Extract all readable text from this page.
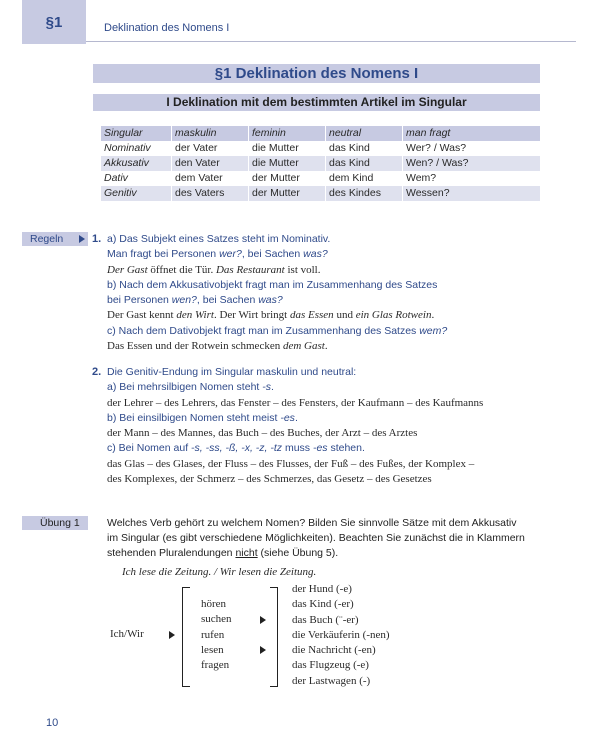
§1	Deklination des Nomens I
§1 Deklination des Nomens I
I Deklination mit dem bestimmten Artikel im Singular
Singular	maskulin	feminin	neutral	man fragt
Nominativ	der Vater	die Mutter	das Kind	Wer? / Was?
Akkusativ	den Vater	die Mutter	das Kind	Wen? / Was?
Dativ	dem Vater	der Mutter	dem Kind	Wem?
Genitiv	des Vaters	der Mutter	des Kindes	Wessen?
Regeln	1. a) Das Subjekt eines Satzes steht im Nominativ.
Man fragt bei Personen wer?, bei Sachen was?
Der Gast öffnet die Tür. Das Restaurant ist voll.
b) Nach dem Akkusativobjekt fragt man im Zusammenhang des Satzes
bei Personen wen?, bei Sachen was?
Der Gast kennt den Wirt. Der Wirt bringt das Essen und ein Glas Rotwein.
c) Nach dem Dativobjekt fragt man im Zusammenhang des Satzes wem?
Das Essen und der Rotwein schmecken dem Gast.
2. Die Genitiv-Endung im Singular maskulin und neutral:
a) Bei mehrsilbigen Nomen steht -s.
der Lehrer – des Lehrers, das Fenster – des Fensters, der Kaufmann – des Kaufmanns
b) Bei einsilbigen Nomen steht meist -es.
der Mann – des Mannes, das Buch – des Buches, der Arzt – des Arztes
c) Bei Nomen auf -s, -ss, -ß, -x, -z, -tz muss -es stehen.
das Glas – des Glases, der Fluss – des Flusses, der Fuß – des Fußes, der Komplex –
des Komplexes, der Schmerz – des Schmerzes, das Gesetz – des Gesetzes
Übung 1	Welches Verb gehört zu welchem Nomen? Bilden Sie sinnvolle Sätze mit dem Akkusativ
im Singular (es gibt verschiedene Möglichkeiten). Beachten Sie zunächst die in Klammern
stehenden Pluralendungen nicht (siehe Übung 5).
Ich lese die Zeitung. / Wir lesen die Zeitung.
Ich/Wir
hören
suchen
rufen
lesen
fragen
der Hund (-e)
das Kind (-er)
das Buch (¨-er)
die Verkäuferin (-nen)
die Nachricht (-en)
das Flugzeug (-e)
der Lastwagen (-)
10
